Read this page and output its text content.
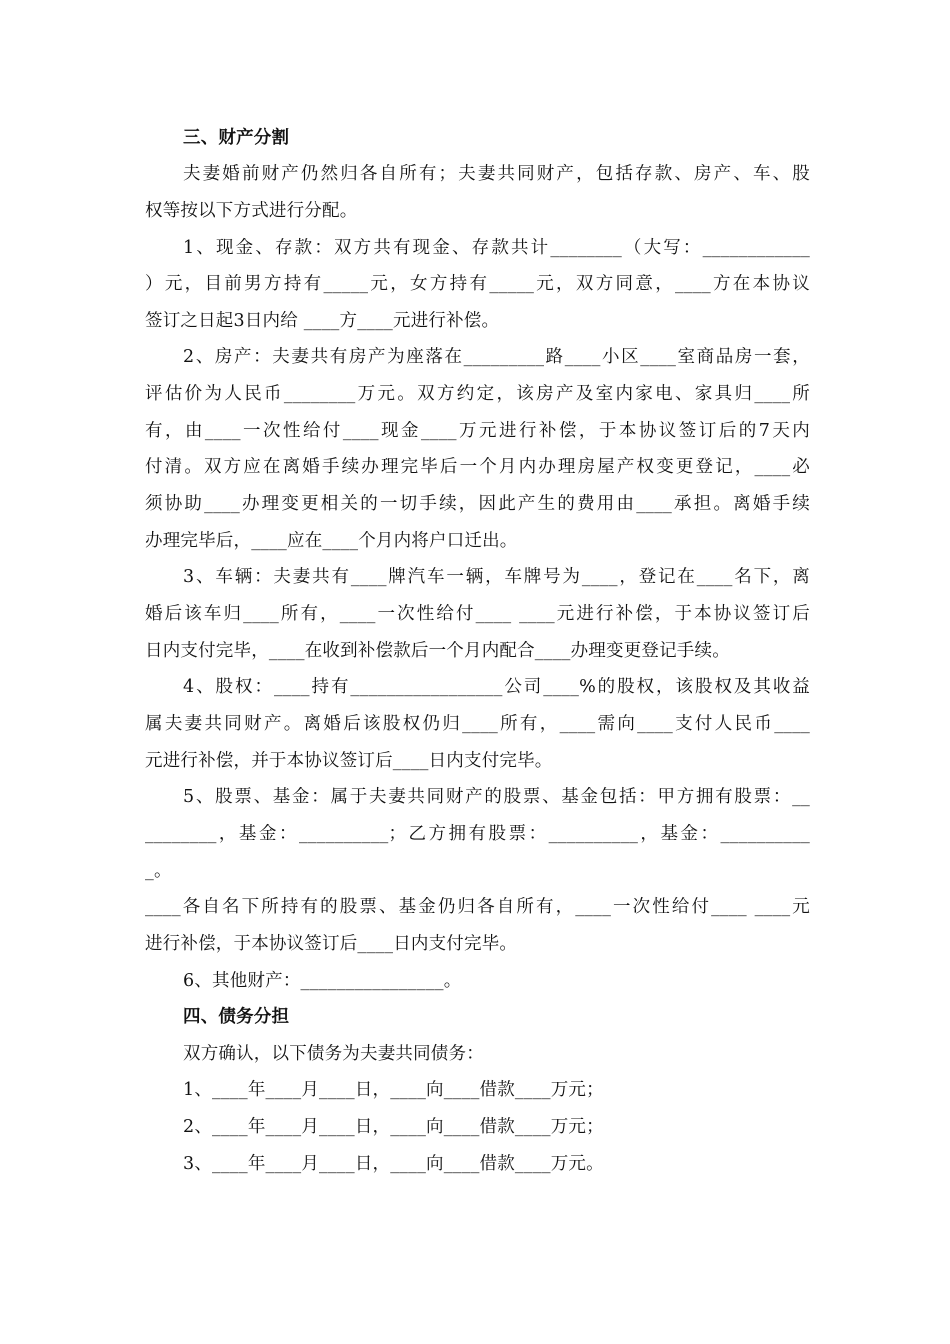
三、财产分割
夫妻婚前财产仍然归各自所有；夫妻共同财产，包括存款、房产、车、股
权等按以下方式进行分配。
1、现金、存款：双方共有现金、存款共计________（大写：____________
）元，目前男方持有_____元，女方持有_____元，双方同意，____方在本协议
签订之日起3日内给 ____方____元进行补偿。
2、房产：夫妻共有房产为座落在_________路____小区____室商品房一套，
评估价为人民币________万元。双方约定，该房产及室内家电、家具归____所
有，由____一次性给付____现金____万元进行补偿，于本协议签订后的7天内
付清。双方应在离婚手续办理完毕后一个月内办理房屋产权变更登记，____必
须协助____办理变更相关的一切手续，因此产生的费用由____承担。离婚手续
办理完毕后，____应在____个月内将户口迁出。
3、车辆：夫妻共有____牌汽车一辆，车牌号为____，登记在____名下，离
婚后该车归____所有，____一次性给付____ ____元进行补偿，于本协议签订后
日内支付完毕，____在收到补偿款后一个月内配合____办理变更登记手续。
4、股权：____持有_________________公司____%的股权，该股权及其收益
属夫妻共同财产。离婚后该股权仍归____所有，____需向____支付人民币____
元进行补偿，并于本协议签订后____日内支付完毕。
5、股票、基金：属于夫妻共同财产的股票、基金包括：甲方拥有股票：__
________，基金：__________；乙方拥有股票：__________，基金：__________
_。
____各自名下所持有的股票、基金仍归各自所有，____一次性给付____ ____元
进行补偿，于本协议签订后____日内支付完毕。
6、其他财产：________________。
四、债务分担
双方确认，以下债务为夫妻共同债务：
1、____年____月____日，____向____借款____万元；
2、____年____月____日，____向____借款____万元；
3、____年____月____日，____向____借款____万元。
